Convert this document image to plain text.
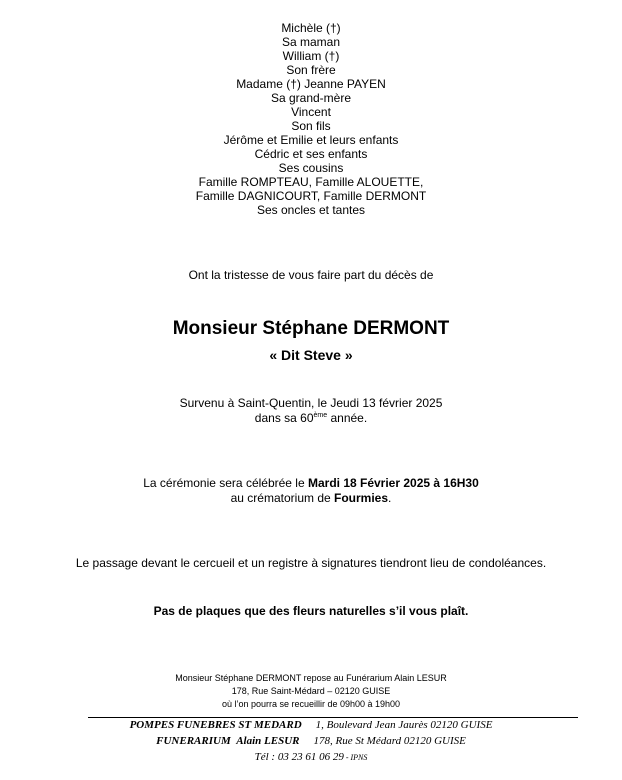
Michèle (†)
Sa maman
William (†)
Son frère
Madame (†) Jeanne PAYEN
Sa grand-mère
Vincent
Son fils
Jérôme et Emilie et leurs enfants
Cédric et ses enfants
Ses cousins
Famille ROMPTEAU, Famille ALOUETTE,
Famille DAGNICOURT, Famille DERMONT
Ses oncles et tantes
Ont la tristesse de vous faire part du décès de
Monsieur Stéphane DERMONT
« Dit Steve »
Survenu à Saint-Quentin, le Jeudi 13 février 2025
dans sa 60ème année.
La cérémonie sera célébrée le Mardi 18 Février 2025 à 16H30
au crématorium de Fourmies.
Le passage devant le cercueil et un registre à signatures tiendront lieu de condoléances.
Pas de plaques que des fleurs naturelles s’il vous plaît.
Monsieur Stéphane DERMONT repose au Funérarium Alain LESUR
178, Rue Saint-Médard – 02120 GUISE
où l’on pourra se recueillir de 09h00 à 19h00
POMPES FUNEBRES ST MEDARD 1, Boulevard Jean Jaurès 02120 GUISE
FUNERARIUM Alain LESUR 178, Rue St Médard 02120 GUISE
Tél : 03 23 61 06 29 - IPNS
